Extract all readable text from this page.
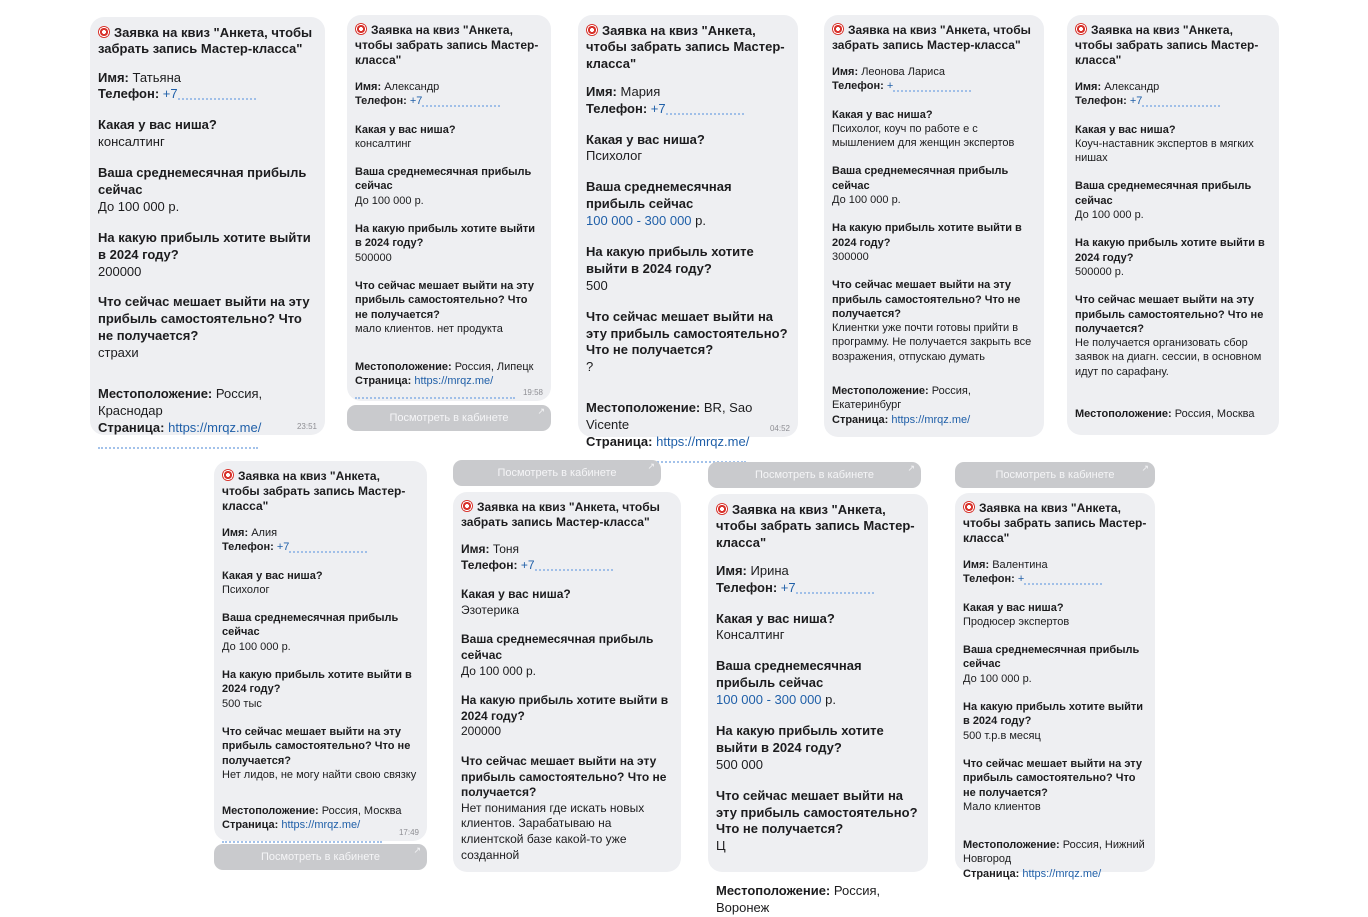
Заявка на квиз "Анкета, чтобы забрать запись Мастер-класса"
Имя: Татьяна
Телефон: +7
Какая у вас ниша?
консалтинг
Ваша среднемесячная прибыль сейчас
До 100 000 р.
На какую прибыль хотите выйти в 2024 году?
200000
Что сейчас мешает выйти на эту прибыль самостоятельно? Что не получается?
страхи
Местоположение: Россия, Краснодар
Страница: https://mrqz.me/	23:51
Заявка на квиз "Анкета, чтобы забрать запись Мастер-класса"
Имя: Александр
Телефон: +7
Какая у вас ниша?
консалтинг
Ваша среднемесячная прибыль сейчас
До 100 000 р.
На какую прибыль хотите выйти в 2024 году?
500000
Что сейчас мешает выйти на эту прибыль самостоятельно? Что не получается?
мало клиентов. нет продукта
Местоположение: Россия, Липецк
Страница: https://mrqz.me/
19:58
Посмотреть в кабинете
↗
Заявка на квиз "Анкета, чтобы забрать запись Мастер-класса"
Имя: Мария
Телефон: +7
Какая у вас ниша?
Психолог
Ваша среднемесячная прибыль сейчас
100 000 - 300 000 р.
На какую прибыль хотите выйти в 2024 году?
500
Что сейчас мешает выйти на эту прибыль самостоятельно? Что не получается?
?
Местоположение: BR, Sao Vicente
Страница: https://mrqz.me/
04:52
Заявка на квиз "Анкета, чтобы забрать запись Мастер-класса"
Имя: Леонова Лариса
Телефон: +
Какая у вас ниша?
Психолог, коуч по работе е с мышлением для женщин экспертов
Ваша среднемесячная прибыль сейчас
До 100 000 р.
На какую прибыль хотите выйти в 2024 году?
300000
Что сейчас мешает выйти на эту прибыль самостоятельно? Что не получается?
Клиентки уже почти готовы прийти в программу. Не получается закрыть все возражения, отпускаю думать
Местоположение: Россия, Екатеринбург
Страница: https://mrqz.me/
Заявка на квиз "Анкета, чтобы забрать запись Мастер-класса"
Имя: Александр
Телефон: +7
Какая у вас ниша?
Коуч-наставник экспертов в мягких нишах
Ваша среднемесячная прибыль сейчас
До 100 000 р.
На какую прибыль хотите выйти в 2024 году?
500000 р.
Что сейчас мешает выйти на эту прибыль самостоятельно? Что не получается?
Не получается организовать сбор заявок на диагн. сессии, в основном идут по сарафану.
Местоположение: Россия, Москва
Заявка на квиз "Анкета, чтобы забрать запись Мастер-класса"
Имя: Алия
Телефон: +7
Какая у вас ниша?
Психолог
Ваша среднемесячная прибыль сейчас
До 100 000 р.
На какую прибыль хотите выйти в 2024 году?
500 тыс
Что сейчас мешает выйти на эту прибыль самостоятельно? Что не получается?
Нет лидов, не могу найти свою связку
Местоположение: Россия, Москва
Страница: https://mrqz.me/
17:49
Посмотреть в кабинете
↗
Посмотреть в кабинете
↗
Заявка на квиз "Анкета, чтобы забрать запись Мастер-класса"
Имя: Тоня
Телефон: +7
Какая у вас ниша?
Эзотерика
Ваша среднемесячная прибыль сейчас
До 100 000 р.
На какую прибыль хотите выйти в 2024 году?
200000
Что сейчас мешает выйти на эту прибыль самостоятельно? Что не получается?
Нет понимания где искать новых клиентов. Зарабатываю на клиентской базе какой-то уже созданной
Посмотреть в кабинете
↗
Заявка на квиз "Анкета, чтобы забрать запись Мастер-класса"
Имя: Ирина
Телефон: +7
Какая у вас ниша?
Консалтинг
Ваша среднемесячная прибыль сейчас
100 000 - 300 000 р.
На какую прибыль хотите выйти в 2024 году?
500 000
Что сейчас мешает выйти на эту прибыль самостоятельно? Что не получается?
Ц
Местоположение: Россия, Воронеж
Посмотреть в кабинете
↗
Заявка на квиз "Анкета, чтобы забрать запись Мастер-класса"
Имя: Валентина
Телефон: +
Какая у вас ниша?
Продюсер экспертов
Ваша среднемесячная прибыль сейчас
До 100 000 р.
На какую прибыль хотите выйти в 2024 году?
500 т.р.в месяц
Что сейчас мешает выйти на эту прибыль самостоятельно? Что не получается?
Мало клиентов
Местоположение: Россия, Нижний Новгород
Страница: https://mrqz.me/
